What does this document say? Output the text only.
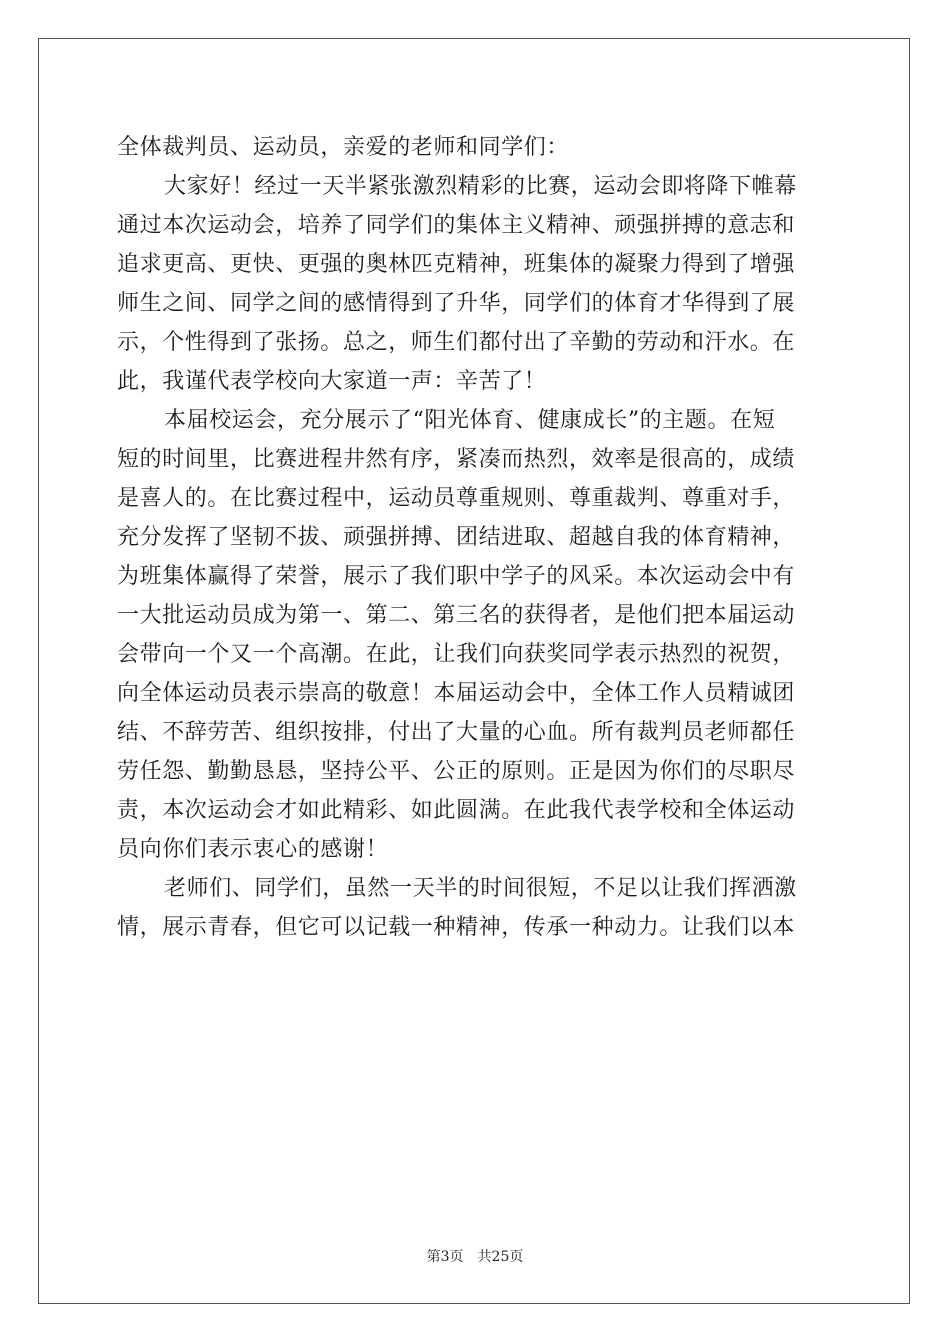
全体裁判员、运动员，亲爱的老师和同学们：
大家好！经过一天半紧张激烈精彩的比赛，运动会即将降下帷幕
通过本次运动会，培养了同学们的集体主义精神、顽强拼搏的意志和
追求更高、更快、更强的奥林匹克精神，班集体的凝聚力得到了增强
师生之间、同学之间的感情得到了升华，同学们的体育才华得到了展
示，个性得到了张扬。总之，师生们都付出了辛勤的劳动和汗水。在
此，我谨代表学校向大家道一声：辛苦了！
本届校运会，充分展示了“阳光体育、健康成长”的主题。在短
短的时间里，比赛进程井然有序，紧凑而热烈，效率是很高的，成绩
是喜人的。在比赛过程中，运动员尊重规则、尊重裁判、尊重对手，
充分发挥了坚韧不拔、顽强拼搏、团结进取、超越自我的体育精神，
为班集体赢得了荣誉，展示了我们职中学子的风采。本次运动会中有
一大批运动员成为第一、第二、第三名的获得者，是他们把本届运动
会带向一个又一个高潮。在此，让我们向获奖同学表示热烈的祝贺，
向全体运动员表示崇高的敬意！本届运动会中，全体工作人员精诚团
结、不辞劳苦、组织按排，付出了大量的心血。所有裁判员老师都任
劳任怨、勤勤恳恳，坚持公平、公正的原则。正是因为你们的尽职尽
责，本次运动会才如此精彩、如此圆满。在此我代表学校和全体运动
员向你们表示衷心的感谢！
老师们、同学们，虽然一天半的时间很短，不足以让我们挥洒激
情，展示青春，但它可以记载一种精神，传承一种动力。让我们以本
第3页　共25页
